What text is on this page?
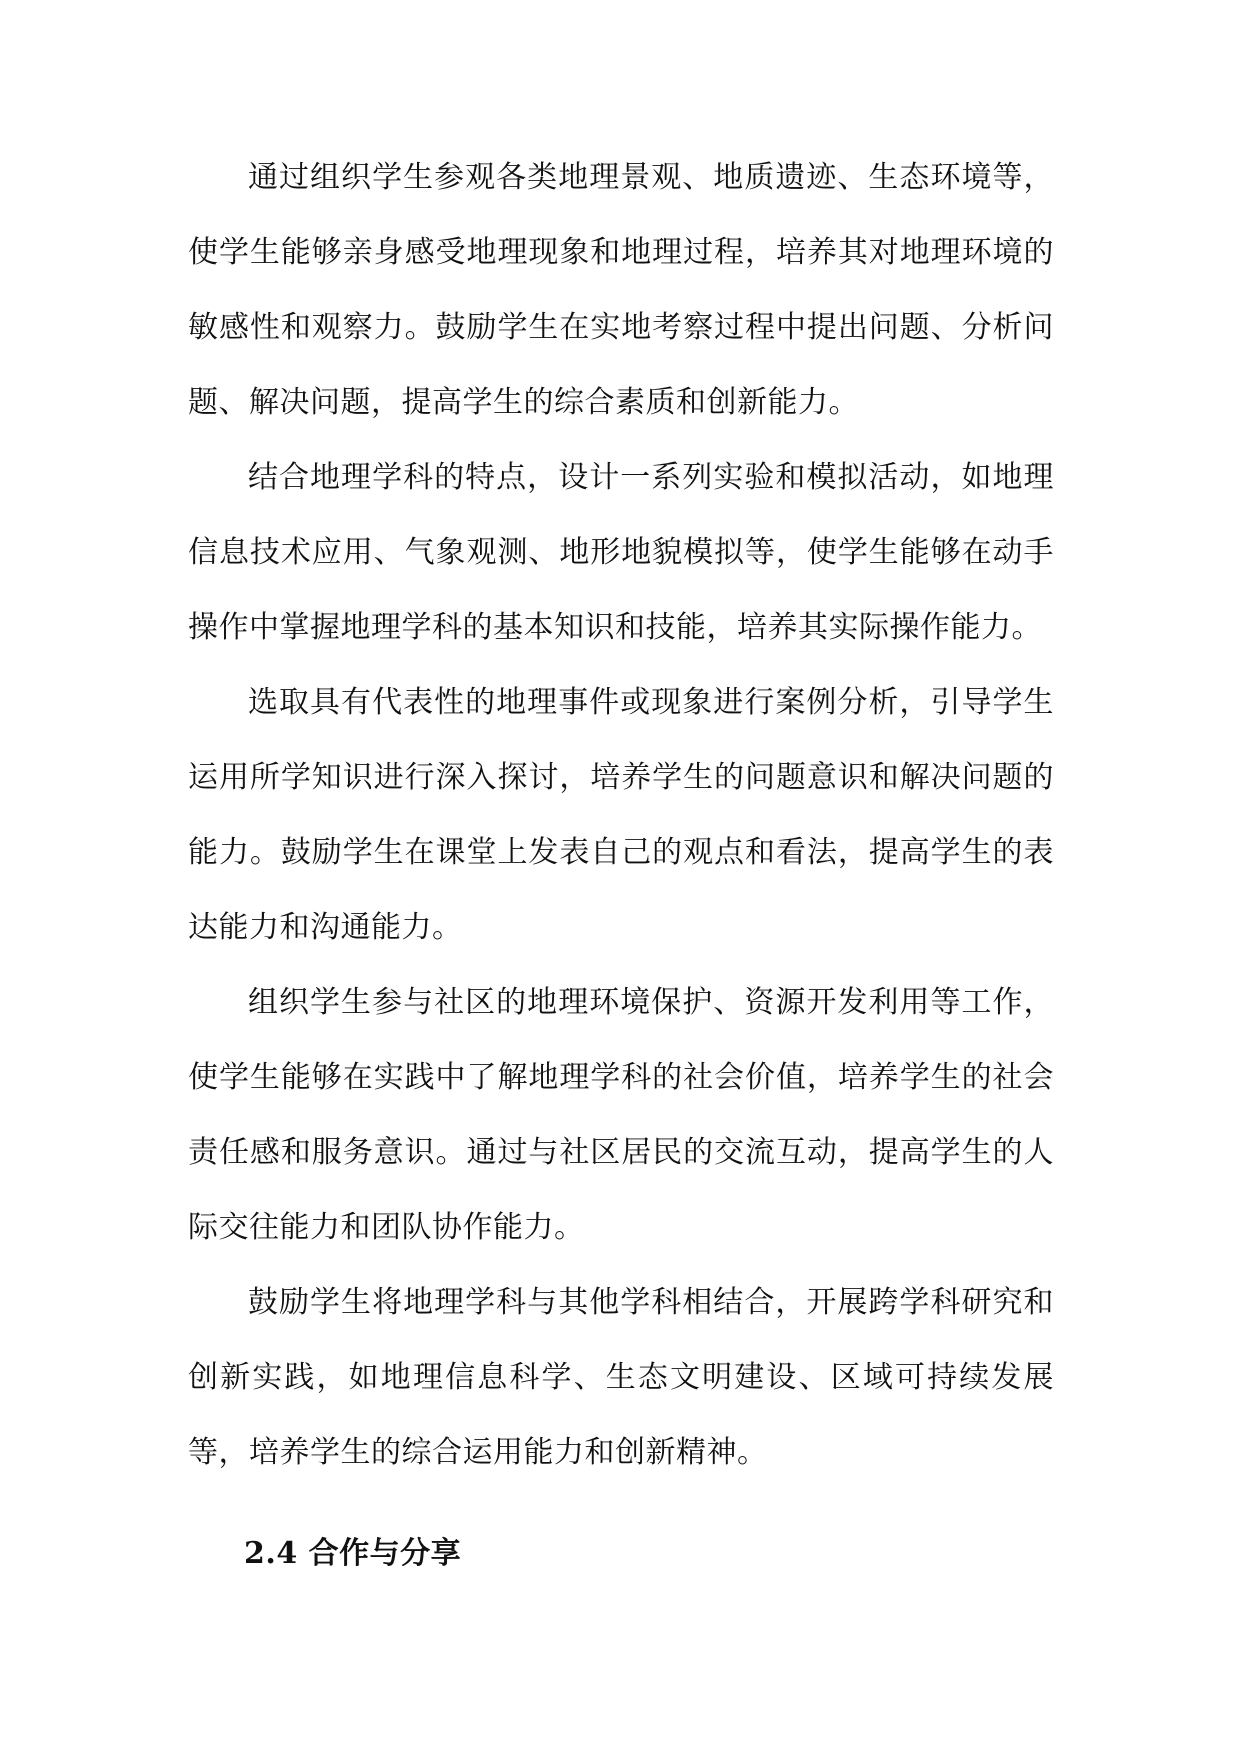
通过组织学生参观各类地理景观、地质遗迹、生态环境等，使学生能够亲身感受地理现象和地理过程，培养其对地理环境的敏感性和观察力。鼓励学生在实地考察过程中提出问题、分析问题、解决问题，提高学生的综合素质和创新能力。

结合地理学科的特点，设计一系列实验和模拟活动，如地理信息技术应用、气象观测、地形地貌模拟等，使学生能够在动手操作中掌握地理学科的基本知识和技能，培养其实际操作能力。

选取具有代表性的地理事件或现象进行案例分析，引导学生运用所学知识进行深入探讨，培养学生的问题意识和解决问题的能力。鼓励学生在课堂上发表自己的观点和看法，提高学生的表达能力和沟通能力。

组织学生参与社区的地理环境保护、资源开发利用等工作，使学生能够在实践中了解地理学科的社会价值，培养学生的社会责任感和服务意识。通过与社区居民的交流互动，提高学生的人际交往能力和团队协作能力。

鼓励学生将地理学科与其他学科相结合，开展跨学科研究和创新实践，如地理信息科学、生态文明建设、区域可持续发展等，培养学生的综合运用能力和创新精神。

2.4 合作与分享
